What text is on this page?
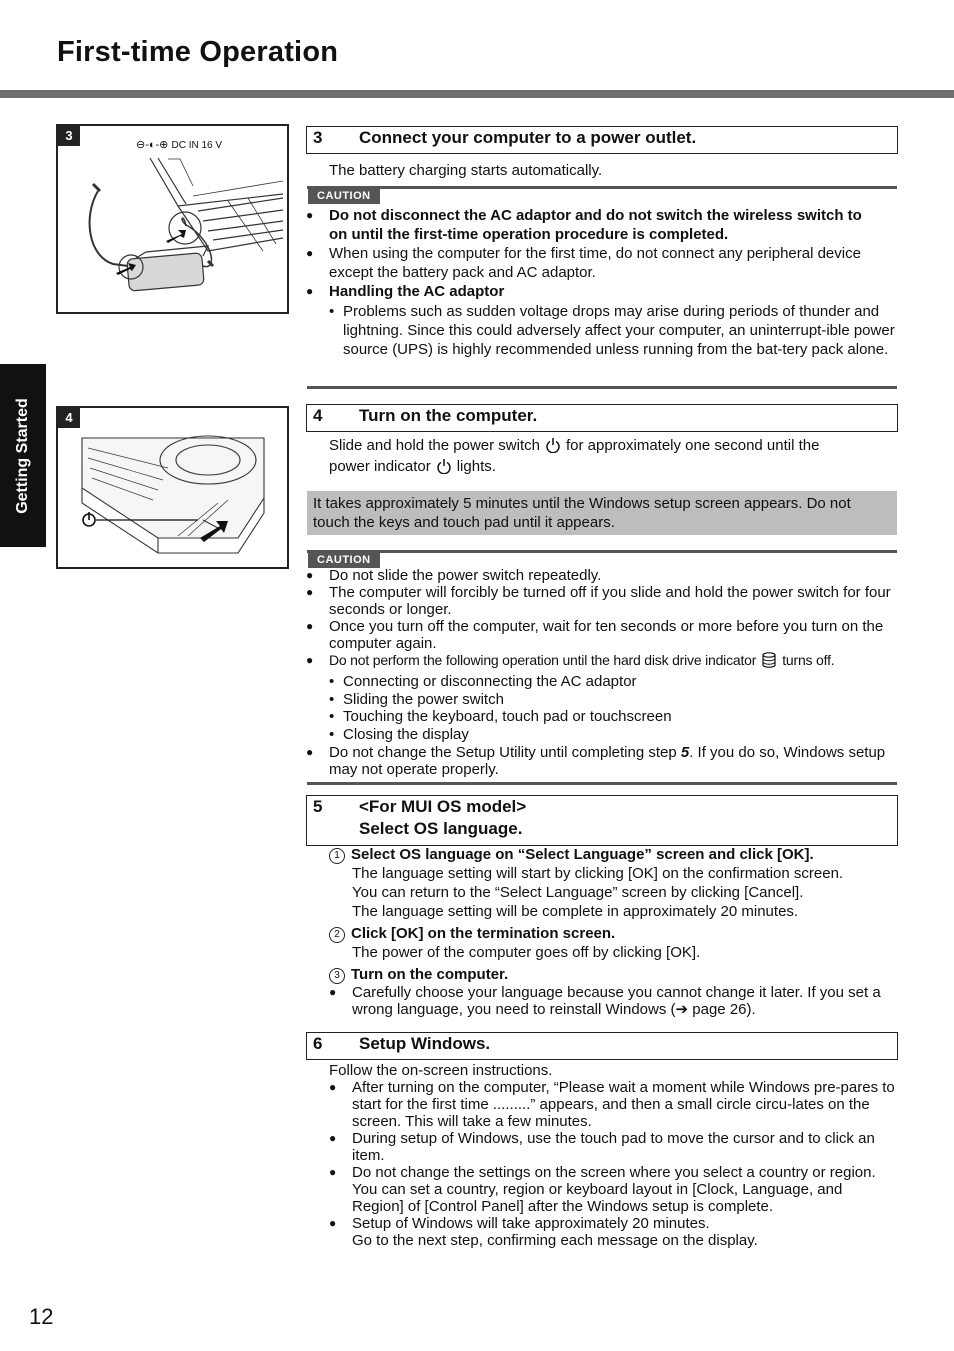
First-time Operation
Getting Started
3
⊖-◐-⊕ DC IN 16 V
4
3 Connect your computer to a power outlet.
The battery charging starts automatically.
CAUTION
● Do not disconnect the AC adaptor and do not switch the wireless switch to
on until the first-time operation procedure is completed.
● When using the computer for the first time, do not connect any peripheral device except the battery pack and AC adaptor.
● Handling the AC adaptor
• Problems such as sudden voltage drops may arise during periods of thunder and lightning. Since this could adversely affect your computer, an uninterrupt-ible power source (UPS) is highly recommended unless running from the bat-tery pack alone.
4 Turn on the computer.
Slide and hold the power switch for approximately one second until the
power indicator lights.
It takes approximately 5 minutes until the Windows setup screen appears. Do not touch the keys and touch pad until it appears.
CAUTION
● Do not slide the power switch repeatedly.
● The computer will forcibly be turned off if you slide and hold the power switch for four seconds or longer.
● Once you turn off the computer, wait for ten seconds or more before you turn on the computer again.
● Do not perform the following operation until the hard disk drive indicator turns off.
• Connecting or disconnecting the AC adaptor
• Sliding the power switch
• Touching the keyboard, touch pad or touchscreen
• Closing the display
● Do not change the Setup Utility until completing step 5. If you do so, Windows setup may not operate properly.
5 <For MUI OS model>
Select OS language.
1 Select OS language on “Select Language” screen and click [OK].
The language setting will start by clicking [OK] on the confirmation screen.
You can return to the “Select Language” screen by clicking [Cancel].
The language setting will be complete in approximately 20 minutes.
2 Click [OK] on the termination screen.
The power of the computer goes off by clicking [OK].
3 Turn on the computer.
● Carefully choose your language because you cannot change it later. If you set a wrong language, you need to reinstall Windows (➔ page 26).
6 Setup Windows.
Follow the on-screen instructions.
● After turning on the computer, “Please wait a moment while Windows pre-pares to start for the first time .........” appears, and then a small circle circu-lates on the screen. This will take a few minutes.
● During setup of Windows, use the touch pad to move the cursor and to click an item.
● Do not change the settings on the screen where you select a country or region. You can set a country, region or keyboard layout in [Clock, Language, and Region] of [Control Panel] after the Windows setup is complete.
● Setup of Windows will take approximately 20 minutes.
Go to the next step, confirming each message on the display.
12
